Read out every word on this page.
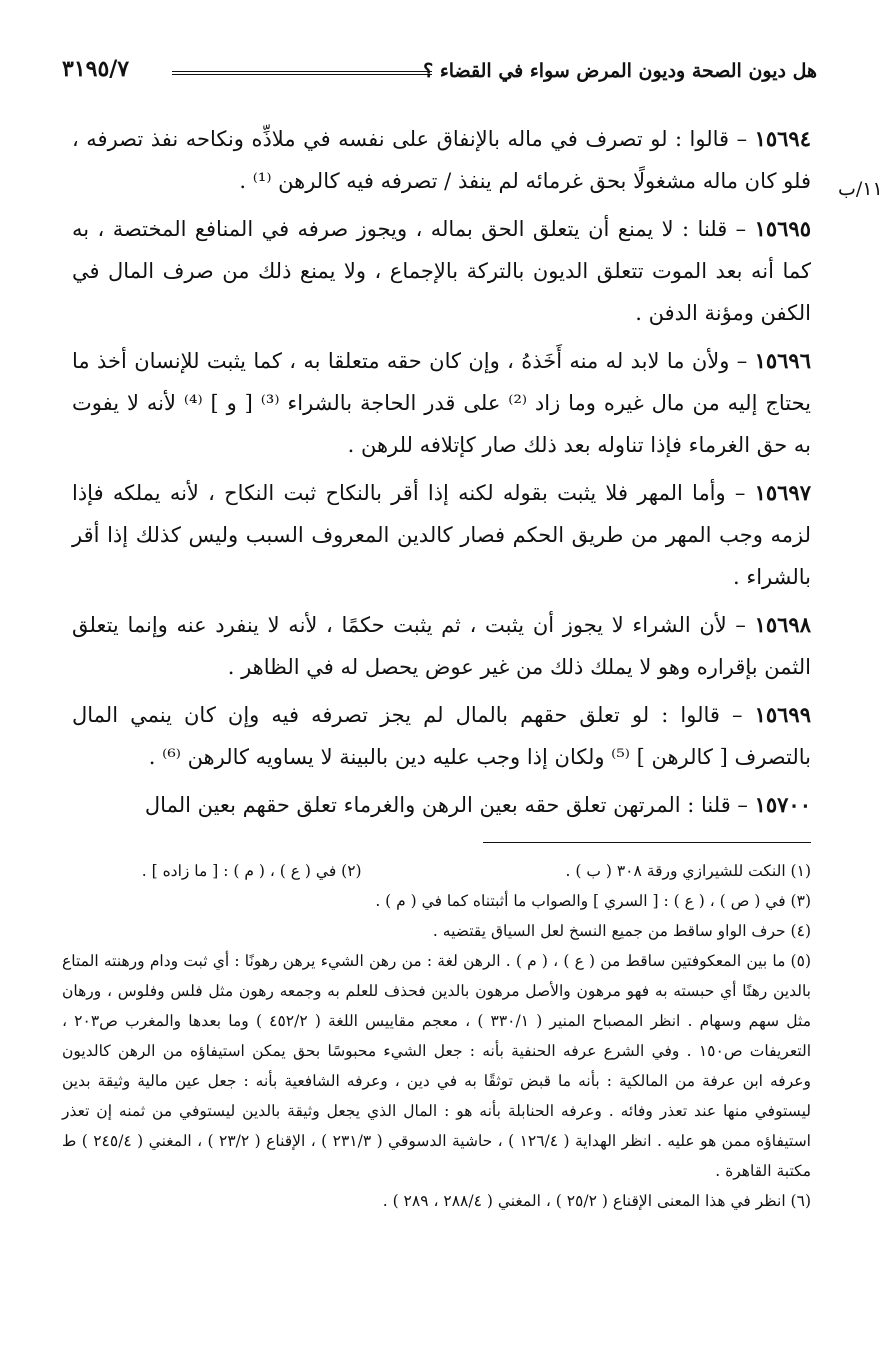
هل ديون الصحة وديون المرض سواء في القضاء ؟
٣١٩٥/٧
١١/ب

١٥٦٩٤ – قالوا : لو تصرف في ماله بالإنفاق على نفسه في ملاذِّه ونكاحه نفذ تصرفه ، فلو كان ماله مشغولًا بحق غرمائه لم ينفذ / تصرفه فيه كالرهن ⁽¹⁾ .

١٥٦٩٥ – قلنا : لا يمنع أن يتعلق الحق بماله ، ويجوز صرفه في المنافع المختصة ، به كما أنه بعد الموت تتعلق الديون بالتركة بالإجماع ، ولا يمنع ذلك من صرف المال في الكفن ومؤنة الدفن .

١٥٦٩٦ – ولأن ما لابد له منه أَخَذهُ ، وإن كان حقه متعلقا به ، كما يثبت للإنسان أخذ ما يحتاج إليه من مال غيره وما زاد ⁽²⁾ على قدر الحاجة بالشراء ⁽³⁾ [ و ] ⁽⁴⁾ لأنه لا يفوت به حق الغرماء فإذا تناوله بعد ذلك صار كإتلافه للرهن .

١٥٦٩٧ – وأما المهر فلا يثبت بقوله لكنه إذا أقر بالنكاح ثبت النكاح ، لأنه يملكه فإذا لزمه وجب المهر من طريق الحكم فصار كالدين المعروف السبب وليس كذلك إذا أقر بالشراء .

١٥٦٩٨ – لأن الشراء لا يجوز أن يثبت ، ثم يثبت حكمًا ، لأنه لا ينفرد عنه وإنما يتعلق الثمن بإقراره وهو لا يملك ذلك من غير عوض يحصل له في الظاهر .

١٥٦٩٩ – قالوا : لو تعلق حقهم بالمال لم يجز تصرفه فيه وإن كان ينمي المال بالتصرف [ كالرهن ] ⁽⁵⁾ ولكان إذا وجب عليه دين بالبينة لا يساويه كالرهن ⁽⁶⁾ .

١٥٧٠٠ – قلنا : المرتهن تعلق حقه بعين الرهن والغرماء تعلق حقهم بعين المال

(١) النكت للشيرازي ورقة ٣٠٨ ( ب ) .

(٢) في ( ع ) ، ( م ) : [ ما زاده ] .

(٣) في ( ص ) ، ( ع ) : [ السري ] والصواب ما أثبتناه كما في ( م ) .

(٤) حرف الواو ساقط من جميع النسخ لعل السياق يقتضيه .

(٥) ما بين المعكوفتين ساقط من ( ع ) ، ( م ) . الرهن لغة : من رهن الشيء يرهن رهونًا : أي ثبت ودام ورهنته المتاع بالدين رهنًا أي حبسته به فهو مرهون والأصل مرهون بالدين فحذف للعلم به وجمعه رهون مثل فلس وفلوس ، ورهان مثل سهم وسهام . انظر المصباح المنير ( ٣٣٠/١ ) ، معجم مقاييس اللغة ( ٤٥٢/٢ ) وما بعدها والمغرب ص٢٠٣ ، التعريفات ص١٥٠ . وفي الشرع عرفه الحنفية بأنه : جعل الشيء محبوسًا بحق يمكن استيفاؤه من الرهن كالديون وعرفه ابن عرفة من المالكية : بأنه ما قبض توثقًا به في دين ، وعرفه الشافعية بأنه : جعل عين مالية وثيقة بدين ليستوفي منها عند تعذر وفائه . وعرفه الحنابلة بأنه هو : المال الذي يجعل وثيقة بالدين ليستوفي من ثمنه إن تعذر استيفاؤه ممن هو عليه . انظر الهداية ( ١٢٦/٤ ) ، حاشية الدسوقي ( ٢٣١/٣ ) ، الإقناع ( ٢٣/٢ ) ، المغني ( ٢٤٥/٤ ) ط مكتبة القاهرة .

(٦) انظر في هذا المعنى الإقناع ( ٢٥/٢ ) ، المغني ( ٢٨٨/٤ ، ٢٨٩ ) .
